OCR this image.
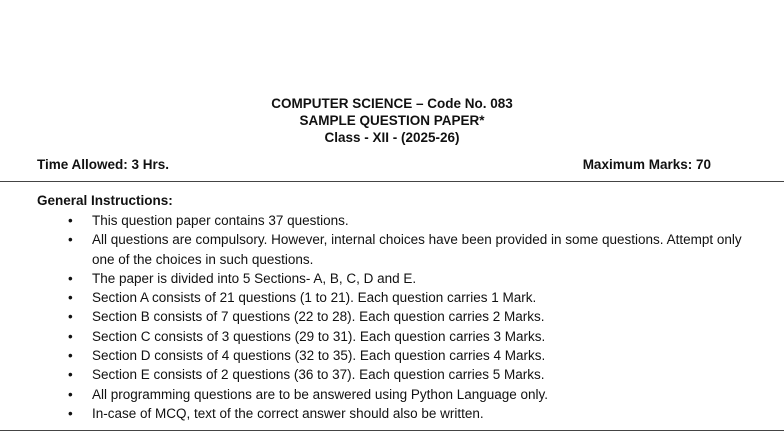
COMPUTER SCIENCE – Code No. 083
SAMPLE QUESTION PAPER*
Class - XII - (2025-26)
Time Allowed: 3 Hrs.	Maximum Marks: 70
General Instructions:
• This question paper contains 37 questions.
• All questions are compulsory. However, internal choices have been provided in some questions. Attempt only one of the choices in such questions.
• The paper is divided into 5 Sections- A, B, C, D and E.
• Section A consists of 21 questions (1 to 21). Each question carries 1 Mark.
• Section B consists of 7 questions (22 to 28). Each question carries 2 Marks.
• Section C consists of 3 questions (29 to 31). Each question carries 3 Marks.
• Section D consists of 4 questions (32 to 35). Each question carries 4 Marks.
• Section E consists of 2 questions (36 to 37). Each question carries 5 Marks.
• All programming questions are to be answered using Python Language only.
• In-case of MCQ, text of the correct answer should also be written.
